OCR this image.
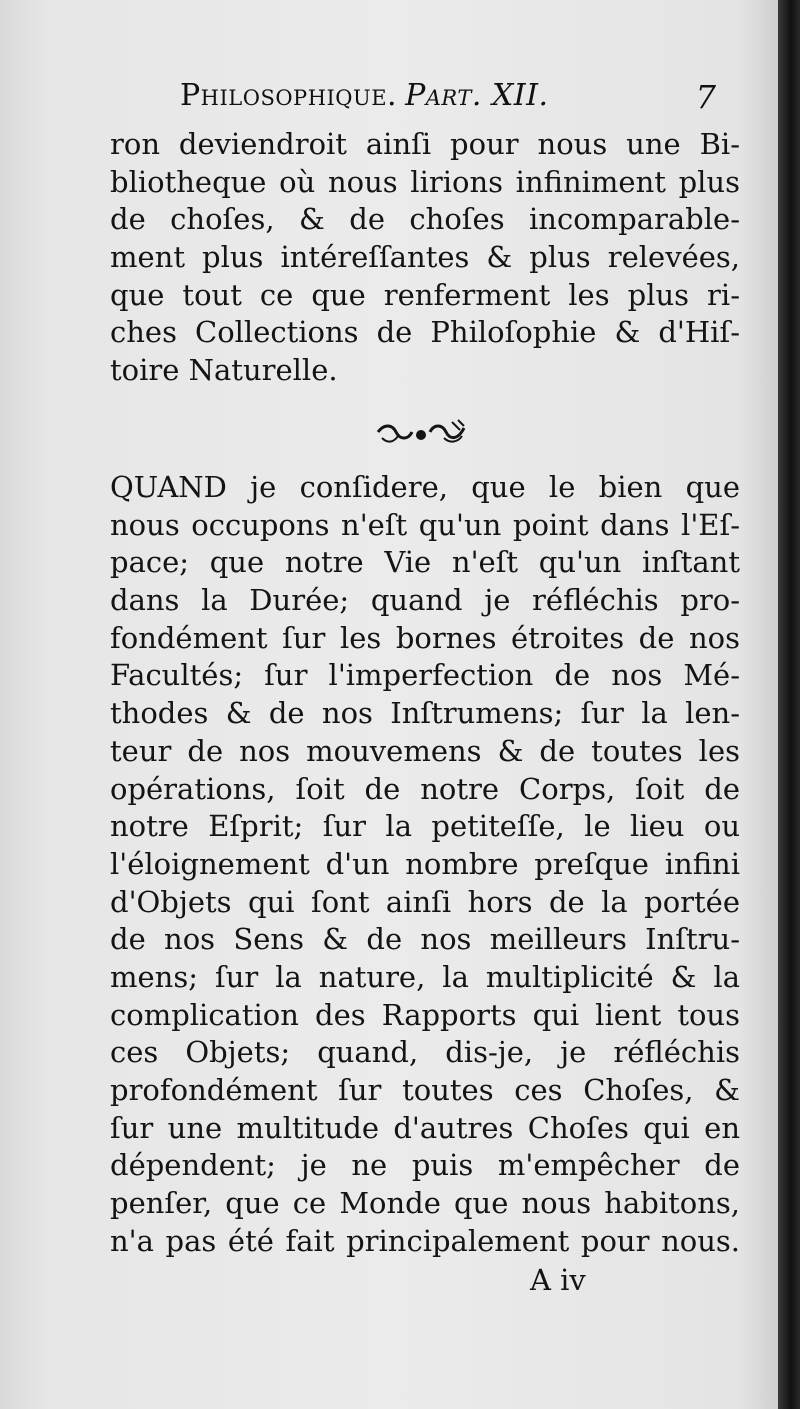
Philosophique. Part. XII.	7
ron deviendroit ainſi pour nous une Bi-
bliotheque où nous lirions infiniment plus
de choſes, & de choſes incomparable-
ment plus intéreſſantes & plus relevées,
que tout ce que renferment les plus ri-
ches Collections de Philoſophie & d'Hiſ-
toire Naturelle.
QUAND je conſidere, que le bien que
nous occupons n'eſt qu'un point dans l'Eſ-
pace; que notre Vie n'eſt qu'un inſtant
dans la Durée; quand je réfléchis pro-
fondément ſur les bornes étroites de nos
Facultés; ſur l'imperfection de nos Mé-
thodes & de nos Inſtrumens; ſur la len-
teur de nos mouvemens & de toutes les
opérations, ſoit de notre Corps, ſoit de
notre Eſprit; ſur la petiteſſe, le lieu ou
l'éloignement d'un nombre preſque infini
d'Objets qui ſont ainſi hors de la portée
de nos Sens & de nos meilleurs Inſtru-
mens; ſur la nature, la multiplicité & la
complication des Rapports qui lient tous
ces Objets; quand, dis-je, je réfléchis
profondément ſur toutes ces Choſes, &
ſur une multitude d'autres Choſes qui en
dépendent; je ne puis m'empêcher de
penſer, que ce Monde que nous habitons,
n'a pas été fait principalement pour nous.
A iv
